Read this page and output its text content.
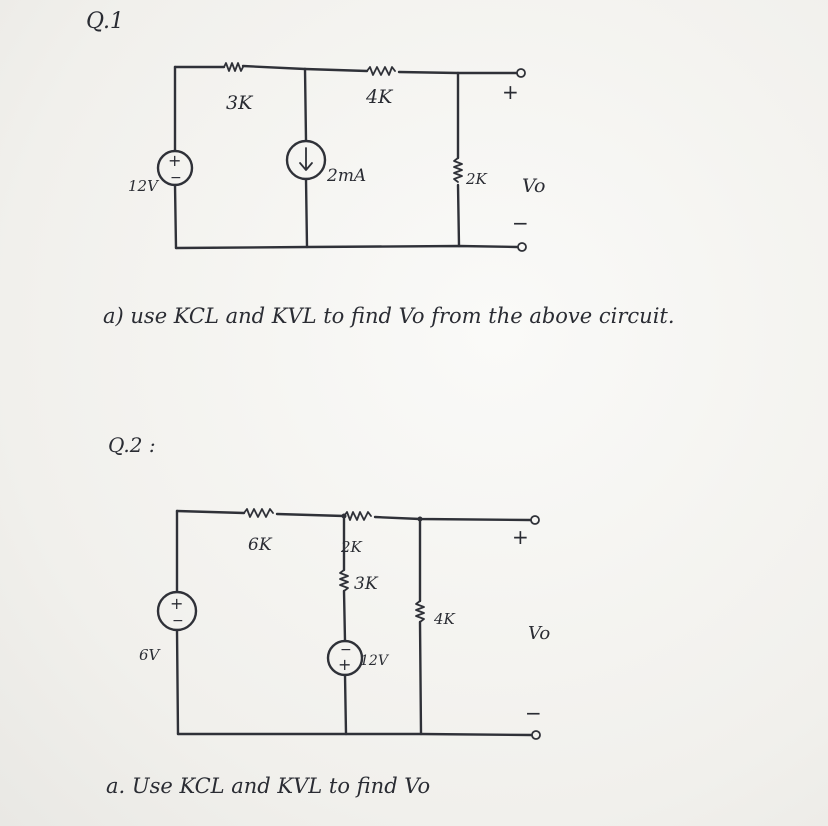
Q.1
+
+
−
12V	2mA
−
3K	4K
2K Vo
a) use KCL and KVL to find Vo from the above circuit.
Q.2 :
+
+
−
6V	−
+ 12V
−
6K	2K
3K
4K
Vo
a. Use KCL and KVL to find Vo
